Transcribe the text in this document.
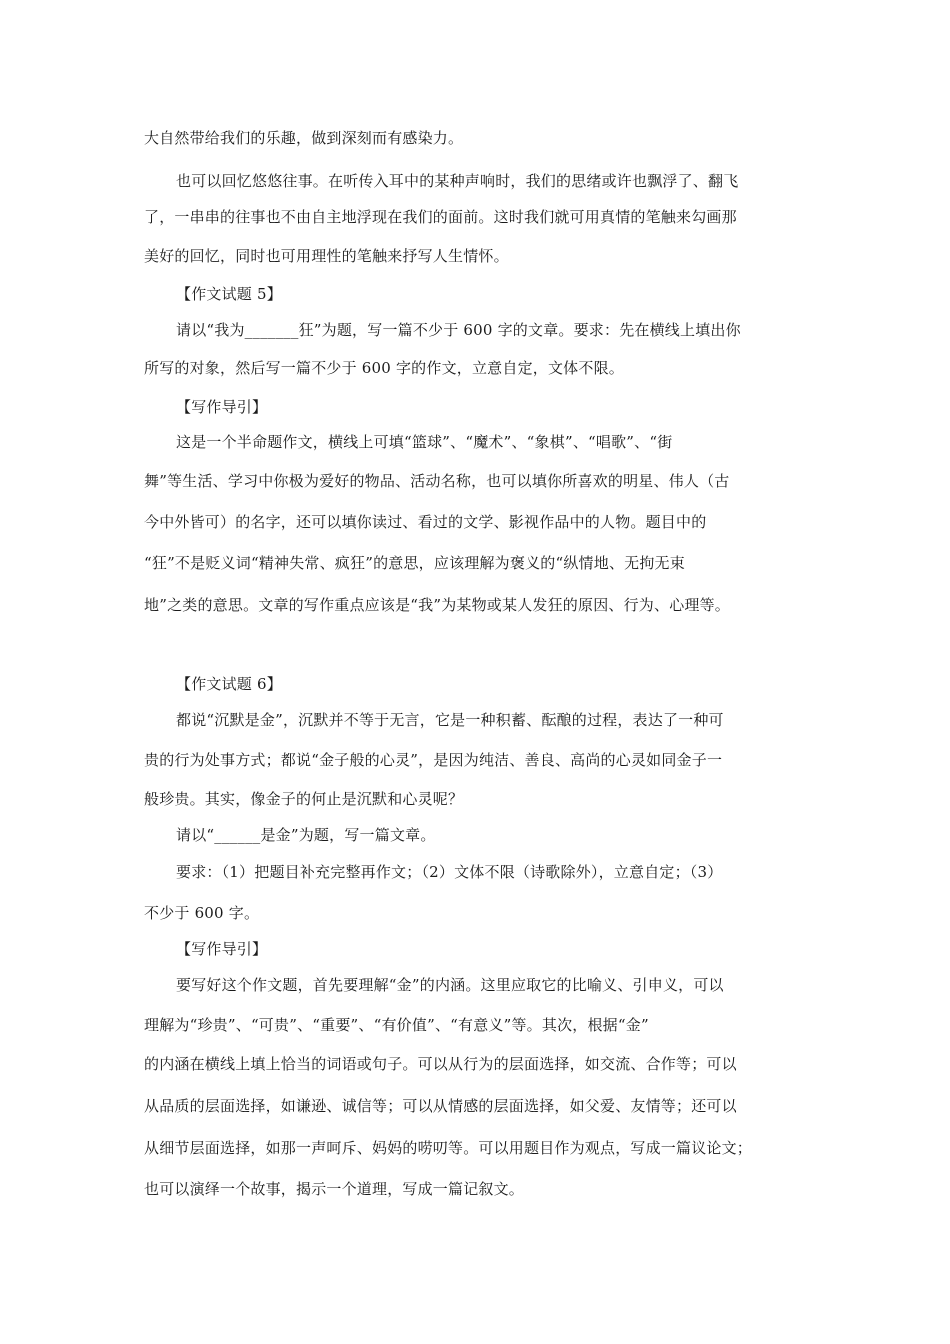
大自然带给我们的乐趣，做到深刻而有感染力。
也可以回忆悠悠往事。在听传入耳中的某种声响时，我们的思绪或许也飘浮了、翻飞
了，一串串的往事也不由自主地浮现在我们的面前。这时我们就可用真情的笔触来勾画那
美好的回忆，同时也可用理性的笔触来抒写人生情怀。
【作文试题 5】
请以“我为_______狂”为题，写一篇不少于 600 字的文章。要求：先在横线上填出你
所写的对象，然后写一篇不少于 600 字的作文，立意自定，文体不限。
【写作导引】
这是一个半命题作文，横线上可填“篮球”、“魔术”、“象棋”、“唱歌”、“街
舞”等生活、学习中你极为爱好的物品、活动名称，也可以填你所喜欢的明星、伟人（古
今中外皆可）的名字，还可以填你读过、看过的文学、影视作品中的人物。题目中的
“狂”不是贬义词“精神失常、疯狂”的意思，应该理解为褒义的“纵情地、无拘无束
地”之类的意思。文章的写作重点应该是“我”为某物或某人发狂的原因、行为、心理等。
【作文试题 6】
都说“沉默是金”，沉默并不等于无言，它是一种积蓄、酝酿的过程，表达了一种可
贵的行为处事方式；都说“金子般的心灵”，是因为纯洁、善良、高尚的心灵如同金子一
般珍贵。其实，像金子的何止是沉默和心灵呢？
请以“______是金”为题，写一篇文章。
要求：（1）把题目补充完整再作文；（2）文体不限（诗歌除外），立意自定；（3）
不少于 600 字。
【写作导引】
要写好这个作文题，首先要理解“金”的内涵。这里应取它的比喻义、引申义，可以
理解为“珍贵”、“可贵”、“重要”、“有价值”、“有意义”等。其次，根据“金”
的内涵在横线上填上恰当的词语或句子。可以从行为的层面选择，如交流、合作等；可以
从品质的层面选择，如谦逊、诚信等；可以从情感的层面选择，如父爱、友情等；还可以
从细节层面选择，如那一声呵斥、妈妈的唠叨等。可以用题目作为观点，写成一篇议论文；
也可以演绎一个故事，揭示一个道理，写成一篇记叙文。
